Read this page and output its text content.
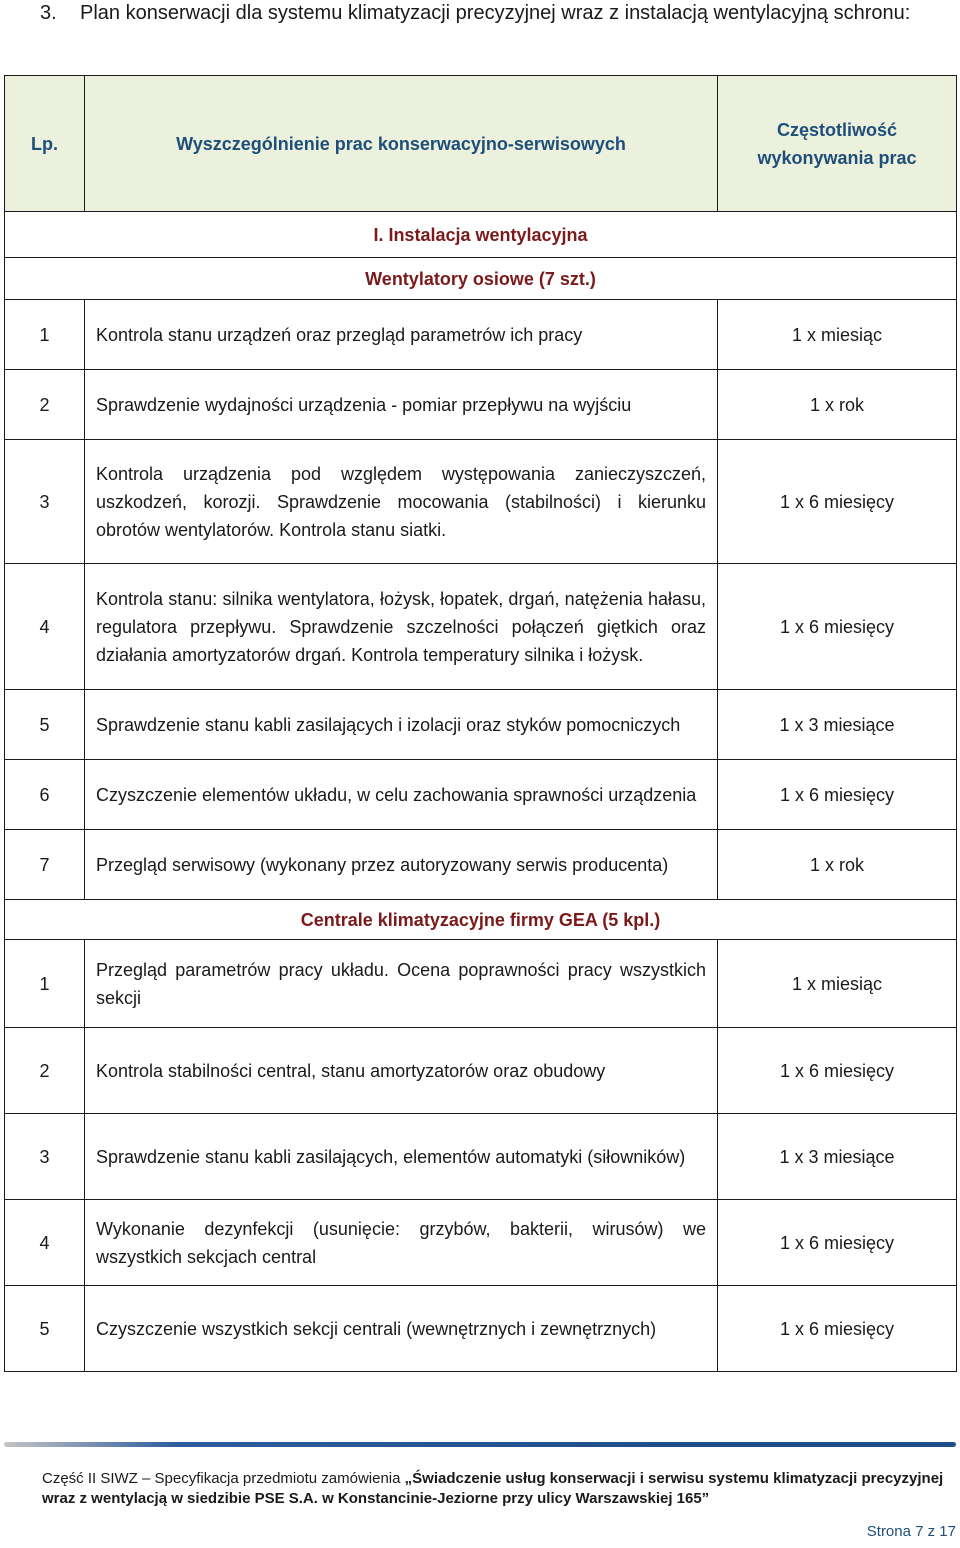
3.	Plan konserwacji dla systemu klimatyzacji precyzyjnej wraz z instalacją wentylacyjną schronu:
Lp.	Wyszczególnienie prac konserwacyjno-serwisowych	Częstotliwość wykonywania prac
I. Instalacja wentylacyjna		
Wentylatory osiowe (7 szt.)		
1	Kontrola stanu urządzeń oraz przegląd parametrów ich pracy	1 x miesiąc
2	Sprawdzenie wydajności urządzenia - pomiar przepływu na wyjściu	1 x rok
3	Kontrola urządzenia pod względem występowania zanieczyszczeń, uszkodzeń, korozji. Sprawdzenie mocowania (stabilności) i kierunku obrotów wentylatorów. Kontrola stanu siatki.	1 x 6 miesięcy
4	Kontrola stanu: silnika wentylatora, łożysk, łopatek, drgań, natężenia hałasu, regulatora przepływu. Sprawdzenie szczelności połączeń giętkich oraz działania amortyzatorów drgań. Kontrola temperatury silnika i łożysk.	1 x 6 miesięcy
5	Sprawdzenie stanu kabli zasilających i izolacji oraz styków pomocniczych	1 x 3 miesiące
6	Czyszczenie elementów układu, w celu zachowania sprawności urządzenia	1 x 6 miesięcy
7	Przegląd serwisowy (wykonany przez autoryzowany serwis producenta)	1 x rok
Centrale klimatyzacyjne firmy GEA (5 kpl.)		
1	Przegląd parametrów pracy układu. Ocena poprawności pracy wszystkich sekcji	1 x miesiąc
2	Kontrola stabilności central, stanu amortyzatorów oraz obudowy	1 x 6 miesięcy
3	Sprawdzenie stanu kabli zasilających, elementów automatyki (siłowników)	1 x 3 miesiące
4	Wykonanie dezynfekcji (usunięcie: grzybów, bakterii, wirusów) we wszystkich sekcjach central	1 x 6 miesięcy
5	Czyszczenie wszystkich sekcji centrali (wewnętrznych i zewnętrznych)	1 x 6 miesięcy
Część II SIWZ – Specyfikacja przedmiotu zamówienia „Świadczenie usług konserwacji i serwisu systemu klimatyzacji precyzyjnej wraz z wentylacją w siedzibie PSE S.A. w Konstancinie-Jeziorne przy ulicy Warszawskiej 165”
Strona 7 z 17
